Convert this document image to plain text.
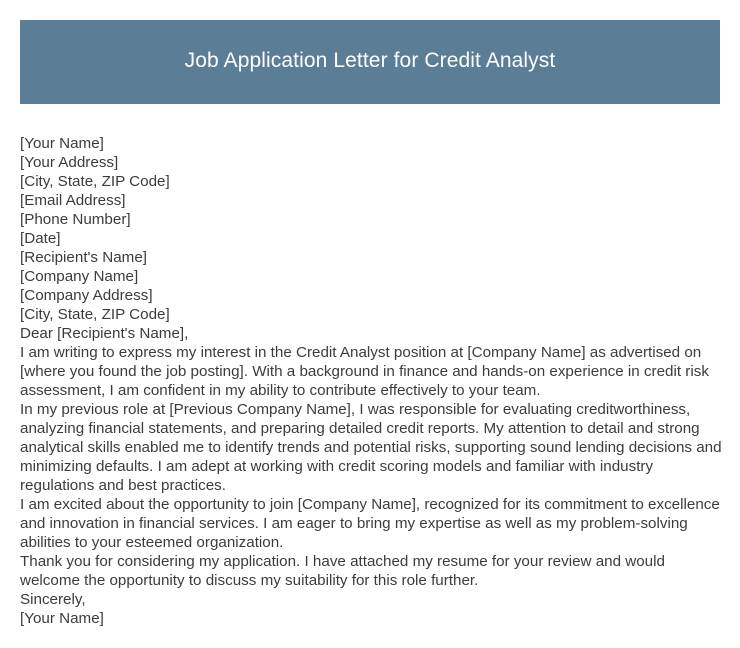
Job Application Letter for Credit Analyst

[Your Name]

[Your Address]

[City, State, ZIP Code]

[Email Address]

[Phone Number]

[Date]

[Recipient's Name]

[Company Name]

[Company Address]

[City, State, ZIP Code]

Dear [Recipient's Name],

I am writing to express my interest in the Credit Analyst position at [Company Name] as advertised on [where you found the job posting]. With a background in finance and hands-on experience in credit risk assessment, I am confident in my ability to contribute effectively to your team.

In my previous role at [Previous Company Name], I was responsible for evaluating creditworthiness, analyzing financial statements, and preparing detailed credit reports. My attention to detail and strong analytical skills enabled me to identify trends and potential risks, supporting sound lending decisions and minimizing defaults. I am adept at working with credit scoring models and familiar with industry regulations and best practices.

I am excited about the opportunity to join [Company Name], recognized for its commitment to excellence and innovation in financial services. I am eager to bring my expertise as well as my problem-solving abilities to your esteemed organization.

Thank you for considering my application. I have attached my resume for your review and would welcome the opportunity to discuss my suitability for this role further.

Sincerely,

[Your Name]
